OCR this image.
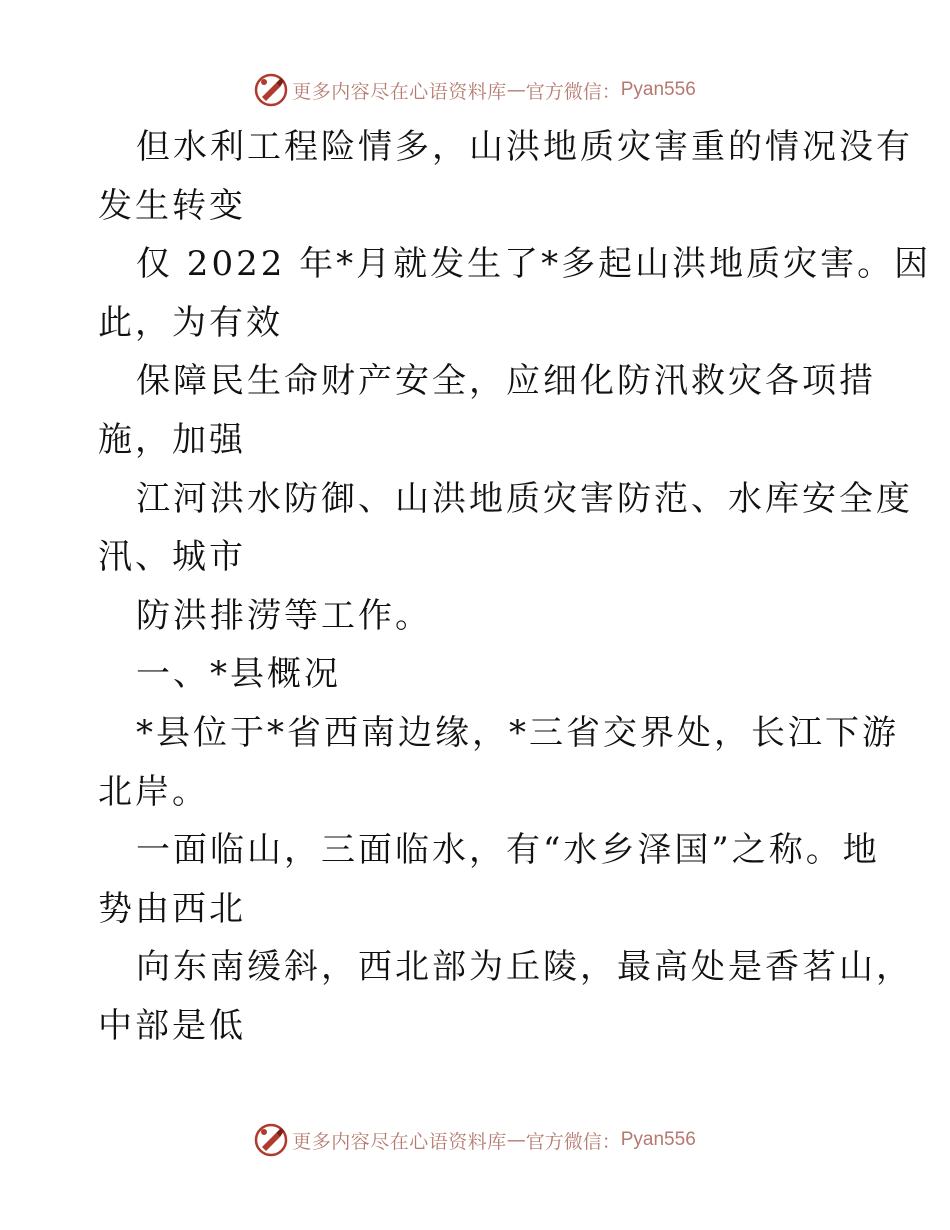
更多内容尽在心语资料库 — 官方微信： Pyan556
但水利工程险情多，山洪地质灾害重的情况没有
发生转变
仅 2022 年*月就发生了*多起山洪地质灾害。因
此，为有效
保障民生命财产安全，应细化防汛救灾各项措
施，加强
江河洪水防御、山洪地质灾害防范、水库安全度
汛、城市
防洪排涝等工作。
一、*县概况
*县位于*省西南边缘，*三省交界处，长江下游
北岸。
一面临山，三面临水，有“水乡泽国”之称。地
势由西北
向东南缓斜，西北部为丘陵，最高处是香茗山，
中部是低
更多内容尽在心语资料库 — 官方微信： Pyan556
